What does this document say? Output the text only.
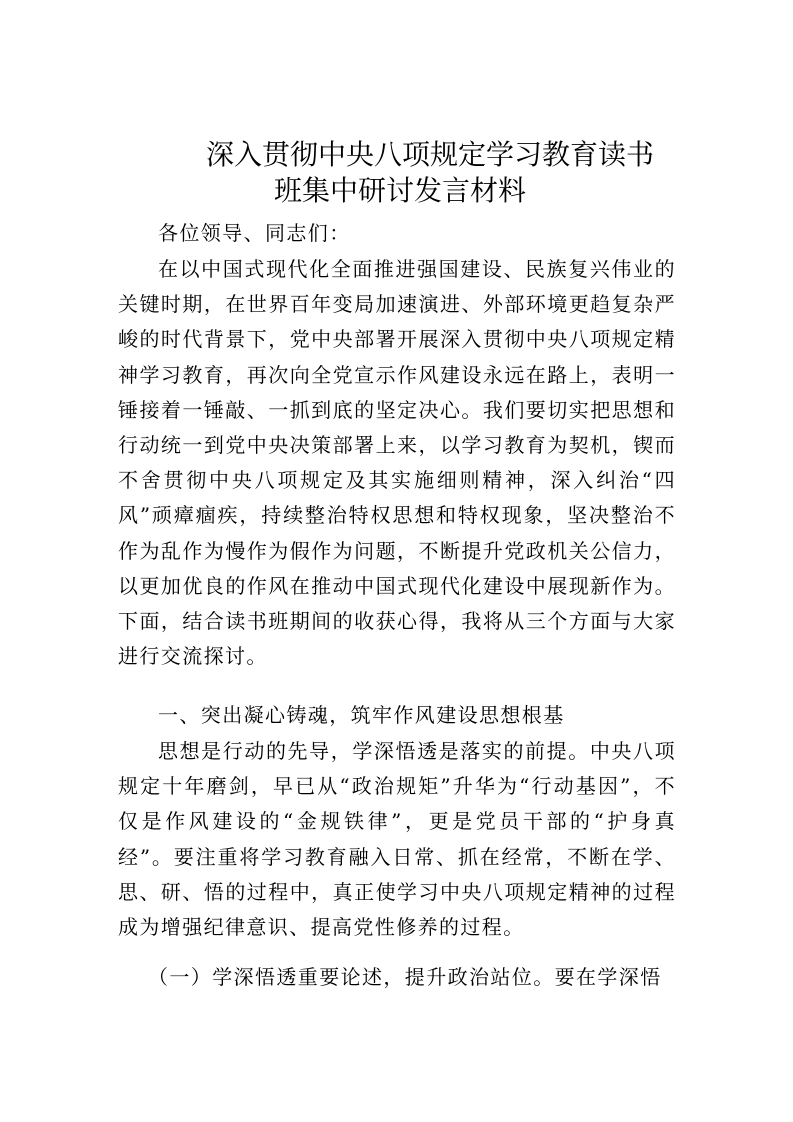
深入贯彻中央八项规定学习教育读书
班集中研讨发言材料

各位领导、同志们：

在以中国式现代化全面推进强国建设、民族复兴伟业的关键时期，在世界百年变局加速演进、外部环境更趋复杂严峻的时代背景下，党中央部署开展深入贯彻中央八项规定精神学习教育，再次向全党宣示作风建设永远在路上，表明一锤接着一锤敲、一抓到底的坚定决心。我们要切实把思想和行动统一到党中央决策部署上来，以学习教育为契机，锲而不舍贯彻中央八项规定及其实施细则精神，深入纠治“四风”顽瘴痼疾，持续整治特权思想和特权现象，坚决整治不作为乱作为慢作为假作为问题，不断提升党政机关公信力，以更加优良的作风在推动中国式现代化建设中展现新作为。下面，结合读书班期间的收获心得，我将从三个方面与大家进行交流探讨。

一、突出凝心铸魂，筑牢作风建设思想根基

思想是行动的先导，学深悟透是落实的前提。中央八项规定十年磨剑，早已从“政治规矩”升华为“行动基因”，不仅是作风建设的“金规铁律”，更是党员干部的“护身真经”。要注重将学习教育融入日常、抓在经常，不断在学、思、研、悟的过程中，真正使学习中央八项规定精神的过程成为增强纪律意识、提高党性修养的过程。

（一）学深悟透重要论述，提升政治站位。要在学深悟
